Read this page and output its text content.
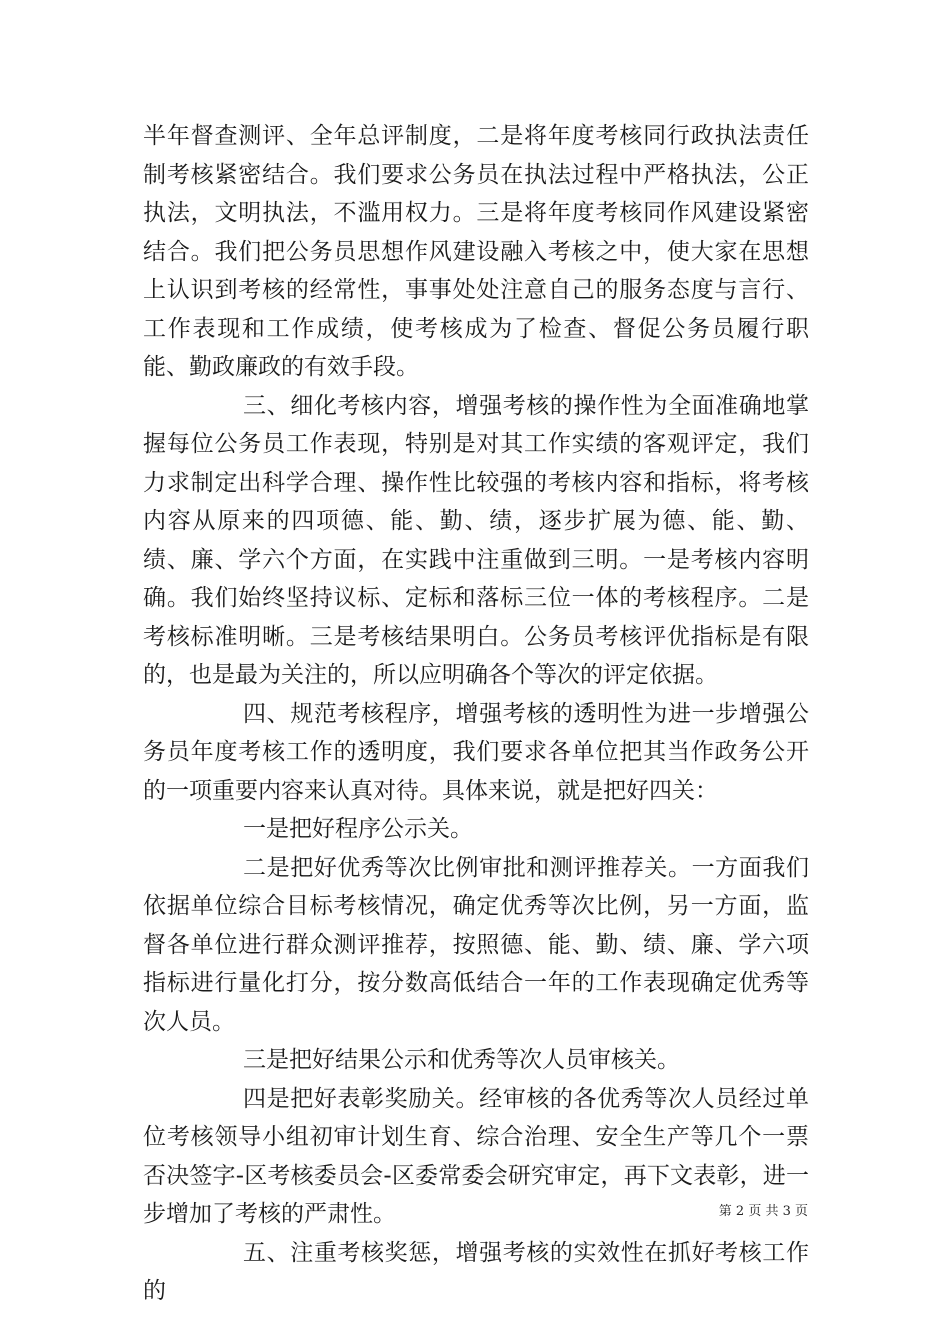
半年督查测评、全年总评制度，二是将年度考核同行政执法责任制考核紧密结合。我们要求公务员在执法过程中严格执法，公正执法，文明执法，不滥用权力。三是将年度考核同作风建设紧密结合。我们把公务员思想作风建设融入考核之中，使大家在思想上认识到考核的经常性，事事处处注意自己的服务态度与言行、工作表现和工作成绩，使考核成为了检查、督促公务员履行职能、勤政廉政的有效手段。

三、细化考核内容，增强考核的操作性为全面准确地掌握每位公务员工作表现，特别是对其工作实绩的客观评定，我们力求制定出科学合理、操作性比较强的考核内容和指标，将考核内容从原来的四项德、能、勤、绩，逐步扩展为德、能、勤、绩、廉、学六个方面，在实践中注重做到三明。一是考核内容明确。我们始终坚持议标、定标和落标三位一体的考核程序。二是考核标准明晰。三是考核结果明白。公务员考核评优指标是有限的，也是最为关注的，所以应明确各个等次的评定依据。

四、规范考核程序，增强考核的透明性为进一步增强公务员年度考核工作的透明度，我们要求各单位把其当作政务公开的一项重要内容来认真对待。具体来说，就是把好四关：

一是把好程序公示关。

二是把好优秀等次比例审批和测评推荐关。一方面我们依据单位综合目标考核情况，确定优秀等次比例，另一方面，监督各单位进行群众测评推荐，按照德、能、勤、绩、廉、学六项指标进行量化打分，按分数高低结合一年的工作表现确定优秀等次人员。

三是把好结果公示和优秀等次人员审核关。

四是把好表彰奖励关。经审核的各优秀等次人员经过单位考核领导小组初审计划生育、综合治理、安全生产等几个一票否决签字-区考核委员会-区委常委会研究审定，再下文表彰，进一步增加了考核的严肃性。

五、注重考核奖惩，增强考核的实效性在抓好考核工作的

第 2 页 共 3 页
